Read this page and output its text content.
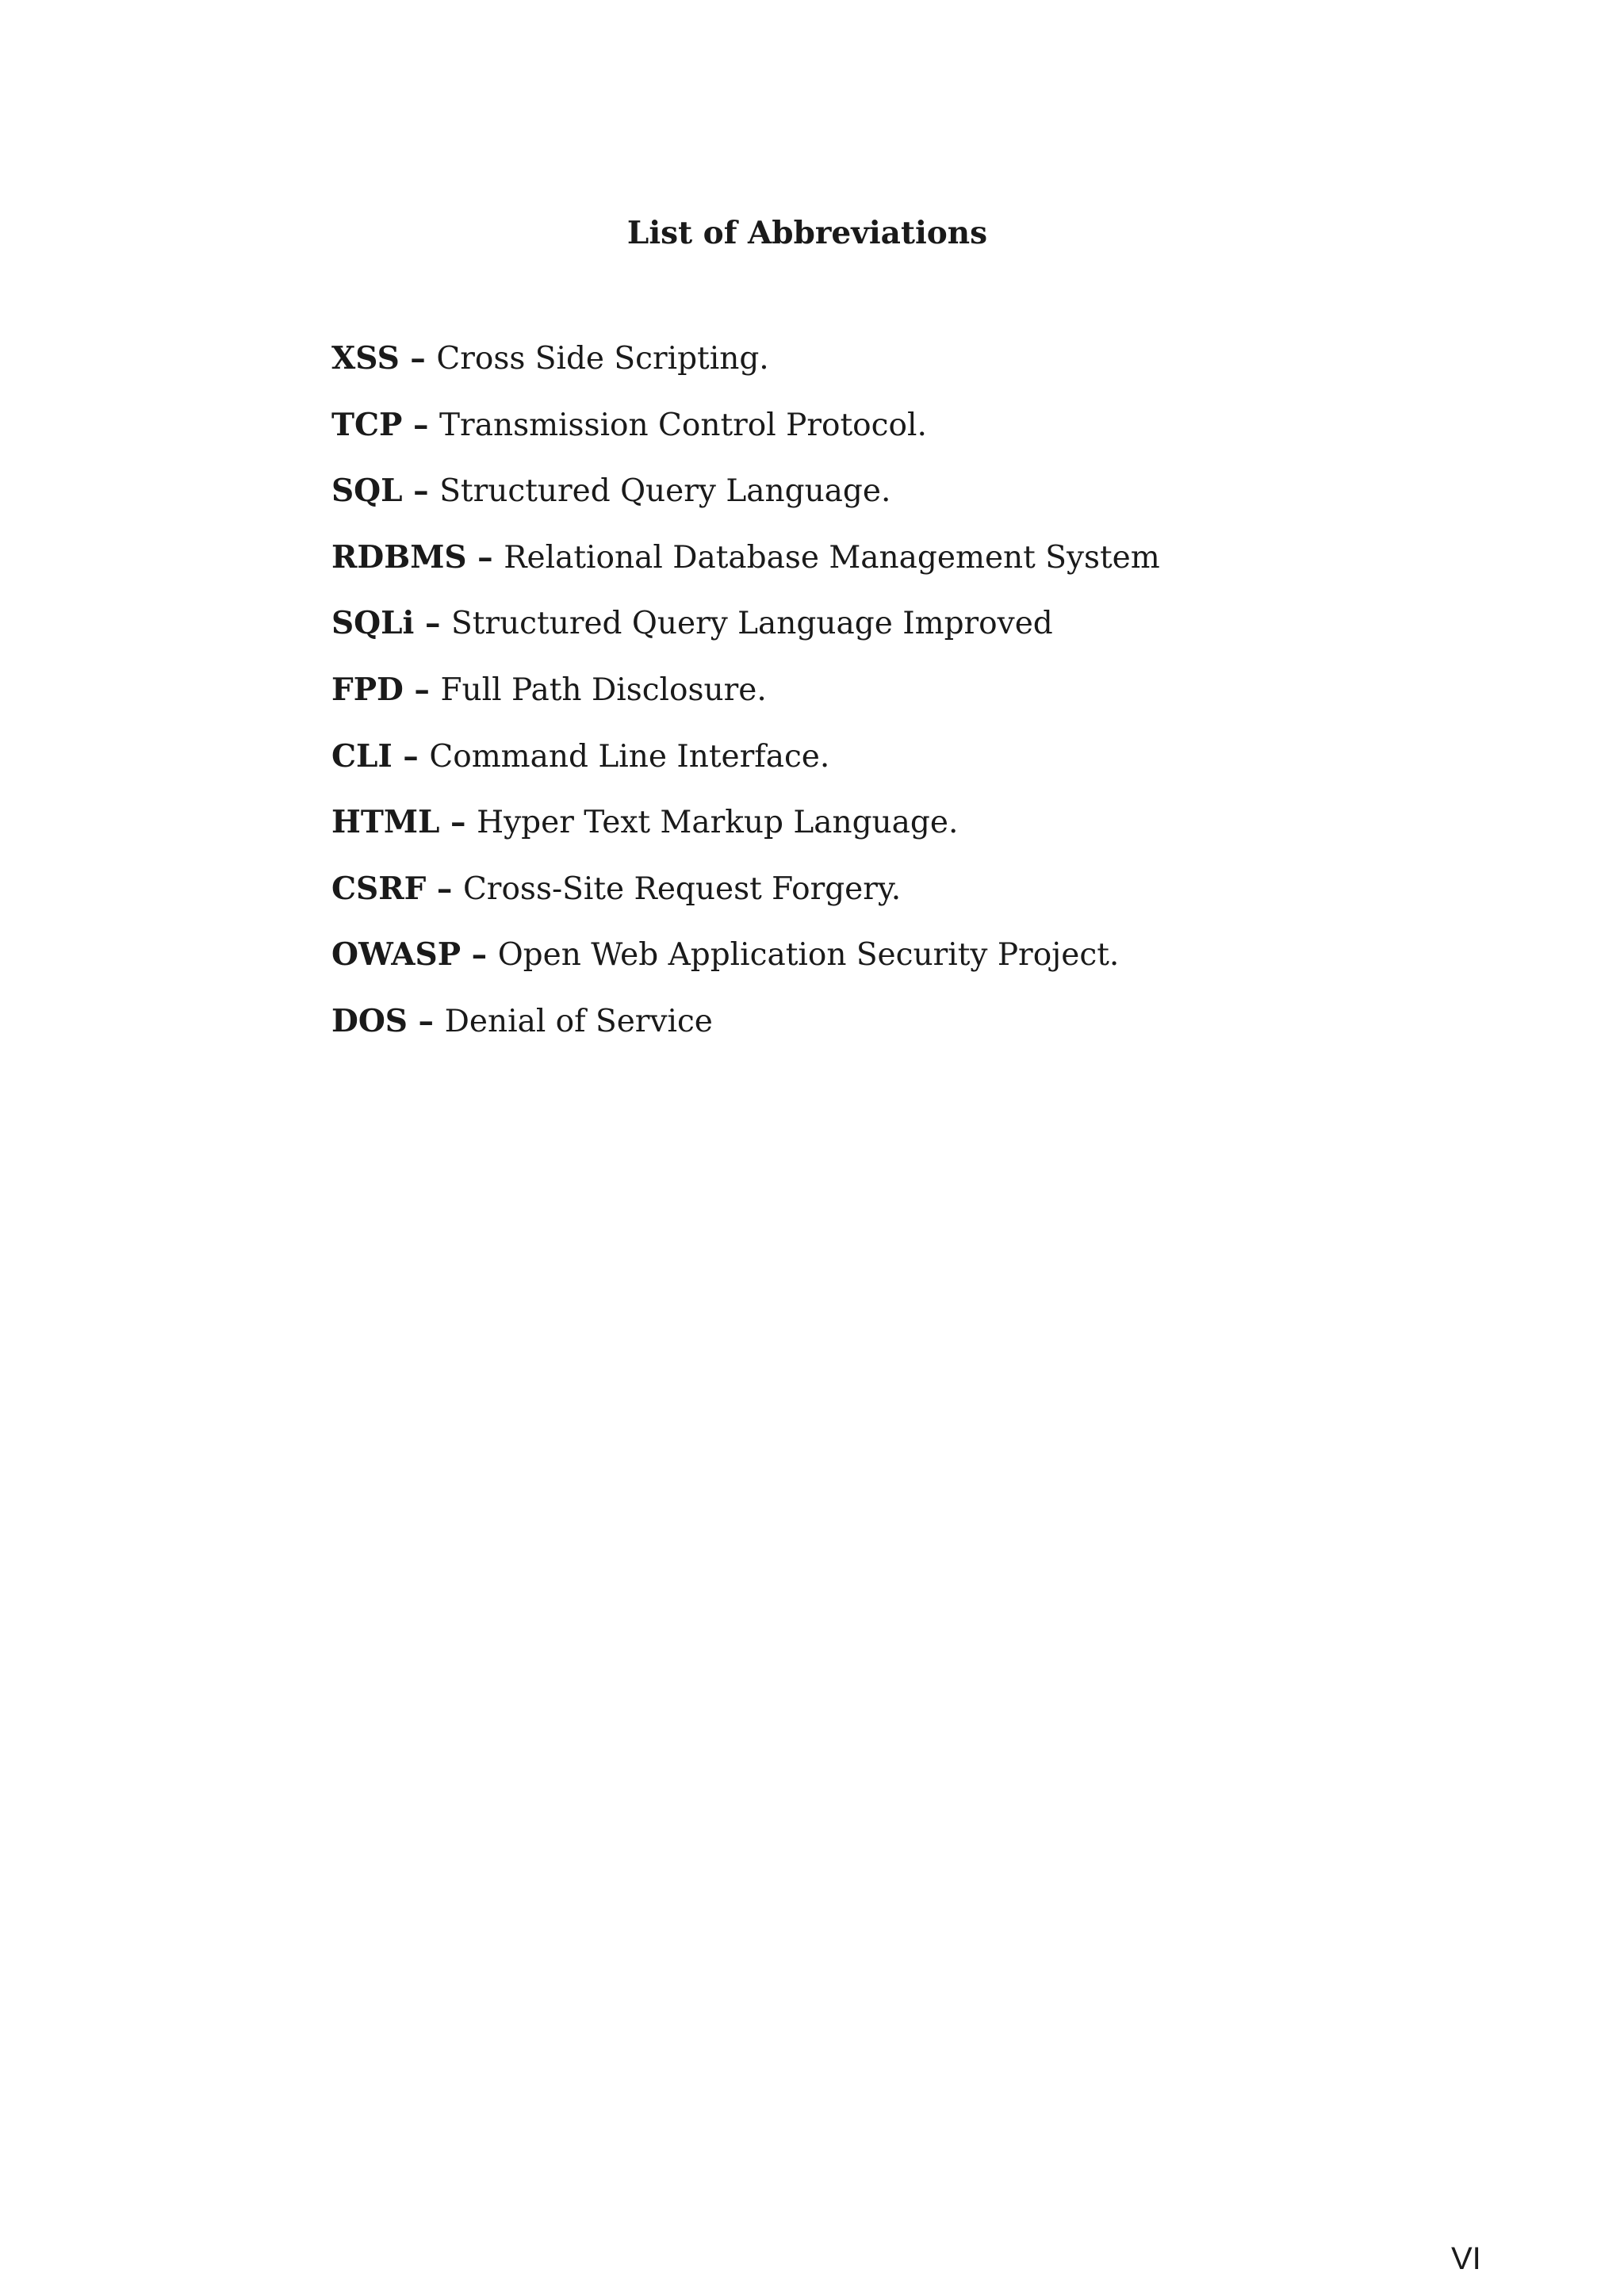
List of Abbreviations
XSS – Cross Side Scripting.
TCP – Transmission Control Protocol.
SQL – Structured Query Language.
RDBMS – Relational Database Management System
SQLi – Structured Query Language Improved
FPD – Full Path Disclosure.
CLI – Command Line Interface.
HTML – Hyper Text Markup Language.
CSRF – Cross-Site Request Forgery.
OWASP – Open Web Application Security Project.
DOS – Denial of Service
VI
